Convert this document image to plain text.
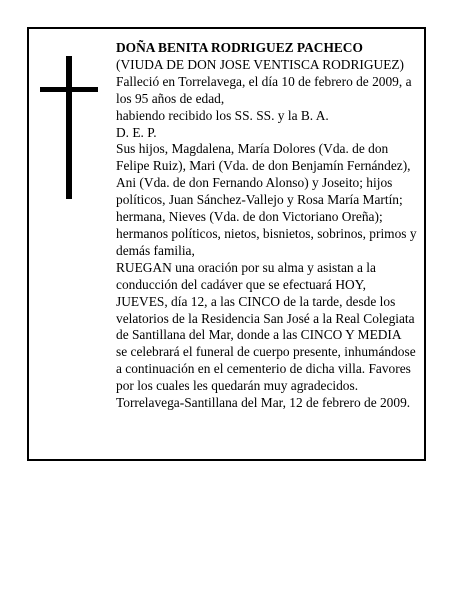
DOÑA BENITA RODRIGUEZ PACHECO
(VIUDA DE DON JOSE VENTISCA RODRIGUEZ)
Falleció en Torrelavega, el día 10 de febrero de 2009, a
los 95 años de edad,
habiendo recibido los SS. SS. y la B. A.
D. E. P.
Sus hijos, Magdalena, María Dolores (Vda. de don
Felipe Ruiz), Mari (Vda. de don Benjamín Fernández),
Ani (Vda. de don Fernando Alonso) y Joseito; hijos
políticos, Juan Sánchez-Vallejo y Rosa María Martín;
hermana, Nieves (Vda. de don Victoriano Oreña);
hermanos políticos, nietos, bisnietos, sobrinos, primos y
demás familia,
RUEGAN una oración por su alma y asistan a la
conducción del cadáver que se efectuará HOY,
JUEVES, día 12, a las CINCO de la tarde, desde los
velatorios de la Residencia San José a la Real Colegiata
de Santillana del Mar, donde a las CINCO Y MEDIA
se celebrará el funeral de cuerpo presente, inhumándose
a continuación en el cementerio de dicha villa. Favores
por los cuales les quedarán muy agradecidos.
Torrelavega-Santillana del Mar, 12 de febrero de 2009.
